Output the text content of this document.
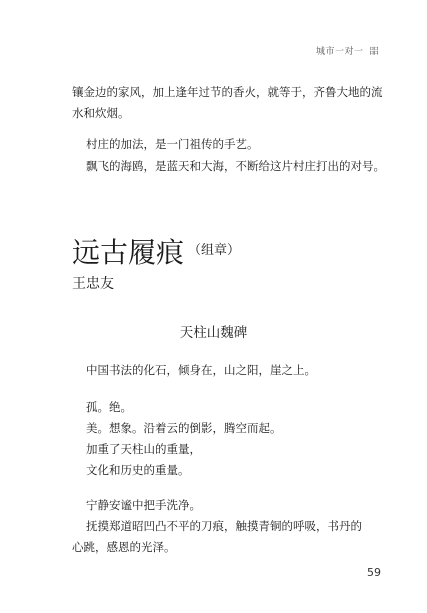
城市一对一 㗊
镶金边的家风，加上逢年过节的香火，就等于，齐鲁大地的流
水和炊烟。
村庄的加法，是一门祖传的手艺。
飘飞的海鸥，是蓝天和大海，不断给这片村庄打出的对号。
远古履痕 $^{(组章)}$
王忠友
天柱山魏碑
中国书法的化石，倾身在，山之阳，崖之上。
孤。绝。
美。想象。沿着云的倒影，腾空而起。
加重了天柱山的重量，
文化和历史的重量。
宁静安谧中把手洗净。
抚摸郑道昭凹凸不平的刀痕，触摸青铜的呼吸，书丹的
心跳，感恩的光泽。
59
